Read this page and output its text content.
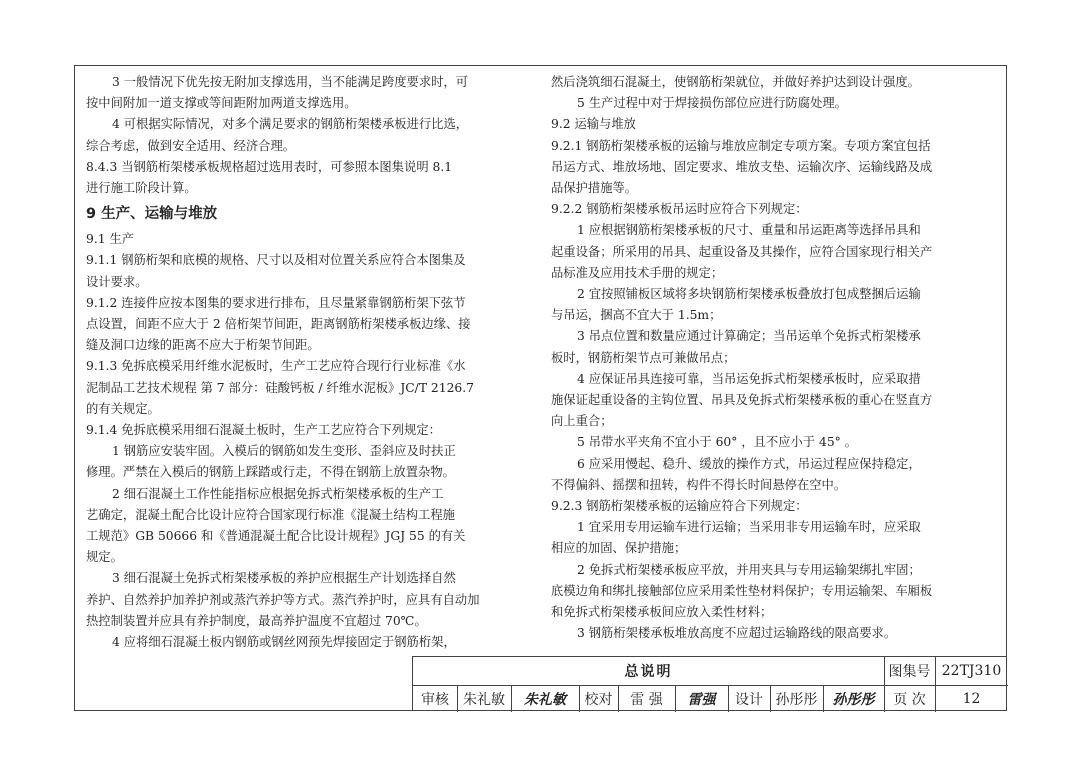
3 一般情况下优先按无附加支撑选用，当不能满足跨度要求时，可

按中间附加一道支撑或等间距附加两道支撑选用。

4 可根据实际情况，对多个满足要求的钢筋桁架楼承板进行比选，

综合考虑，做到安全适用、经济合理。

8.4.3 当钢筋桁架楼承板规格超过选用表时，可参照本图集说明 8.1

进行施工阶段计算。

9 生产、运输与堆放

9.1 生产

9.1.1 钢筋桁架和底模的规格、尺寸以及相对位置关系应符合本图集及

设计要求。

9.1.2 连接件应按本图集的要求进行排布，且尽量紧靠钢筋桁架下弦节

点设置，间距不应大于 2 倍桁架节间距，距离钢筋桁架楼承板边缘、接

缝及洞口边缘的距离不应大于桁架节间距。

9.1.3 免拆底模采用纤维水泥板时，生产工艺应符合现行行业标准《水

泥制品工艺技术规程 第 7 部分：硅酸钙板 / 纤维水泥板》JC/T 2126.7

的有关规定。

9.1.4 免拆底模采用细石混凝土板时，生产工艺应符合下列规定：

1 钢筋应安装牢固。入模后的钢筋如发生变形、歪斜应及时扶正

修理。严禁在入模后的钢筋上踩踏或行走，不得在钢筋上放置杂物。

2 细石混凝土工作性能指标应根据免拆式桁架楼承板的生产工

艺确定，混凝土配合比设计应符合国家现行标准《混凝土结构工程施

工规范》GB 50666 和《普通混凝土配合比设计规程》JGJ 55 的有关

规定。

3 细石混凝土免拆式桁架楼承板的养护应根据生产计划选择自然

养护、自然养护加养护剂或蒸汽养护等方式。蒸汽养护时，应具有自动加

热控制装置并应具有养护制度，最高养护温度不宜超过 70℃。

4 应将细石混凝土板内钢筋或钢丝网预先焊接固定于钢筋桁架，

然后浇筑细石混凝土，使钢筋桁架就位，并做好养护达到设计强度。

5 生产过程中对于焊接损伤部位应进行防腐处理。

9.2 运输与堆放

9.2.1 钢筋桁架楼承板的运输与堆放应制定专项方案。专项方案宜包括

吊运方式、堆放场地、固定要求、堆放支垫、运输次序、运输线路及成

品保护措施等。

9.2.2 钢筋桁架楼承板吊运时应符合下列规定：

1 应根据钢筋桁架楼承板的尺寸、重量和吊运距离等选择吊具和

起重设备；所采用的吊具、起重设备及其操作，应符合国家现行相关产

品标准及应用技术手册的规定；

2 宜按照铺板区域将多块钢筋桁架楼承板叠放打包成整捆后运输

与吊运，捆高不宜大于 1.5m；

3 吊点位置和数量应通过计算确定；当吊运单个免拆式桁架楼承

板时，钢筋桁架节点可兼做吊点；

4 应保证吊具连接可靠，当吊运免拆式桁架楼承板时，应采取措

施保证起重设备的主钩位置、吊具及免拆式桁架楼承板的重心在竖直方

向上重合；

5 吊带水平夹角不宜小于 60° ，且不应小于 45° 。

6 应采用慢起、稳升、缓放的操作方式，吊运过程应保持稳定，

不得偏斜、摇摆和扭转，构件不得长时间悬停在空中。

9.2.3 钢筋桁架楼承板的运输应符合下列规定：

1 宜采用专用运输车进行运输；当采用非专用运输车时，应采取

相应的加固、保护措施；

2 免拆式桁架楼承板应平放，并用夹具与专用运输架绑扎牢固；

底模边角和绑扎接触部位应采用柔性垫材料保护；专用运输架、车厢板

和免拆式桁架楼承板间应放入柔性材料；

3 钢筋桁架楼承板堆放高度不应超过运输路线的限高要求。

总说明	图集号 22TJ310
审核	朱礼敏	朱礼敏	校对	雷 强	雷强	设计 孙彤彤	孙彤彤	页 次	12
